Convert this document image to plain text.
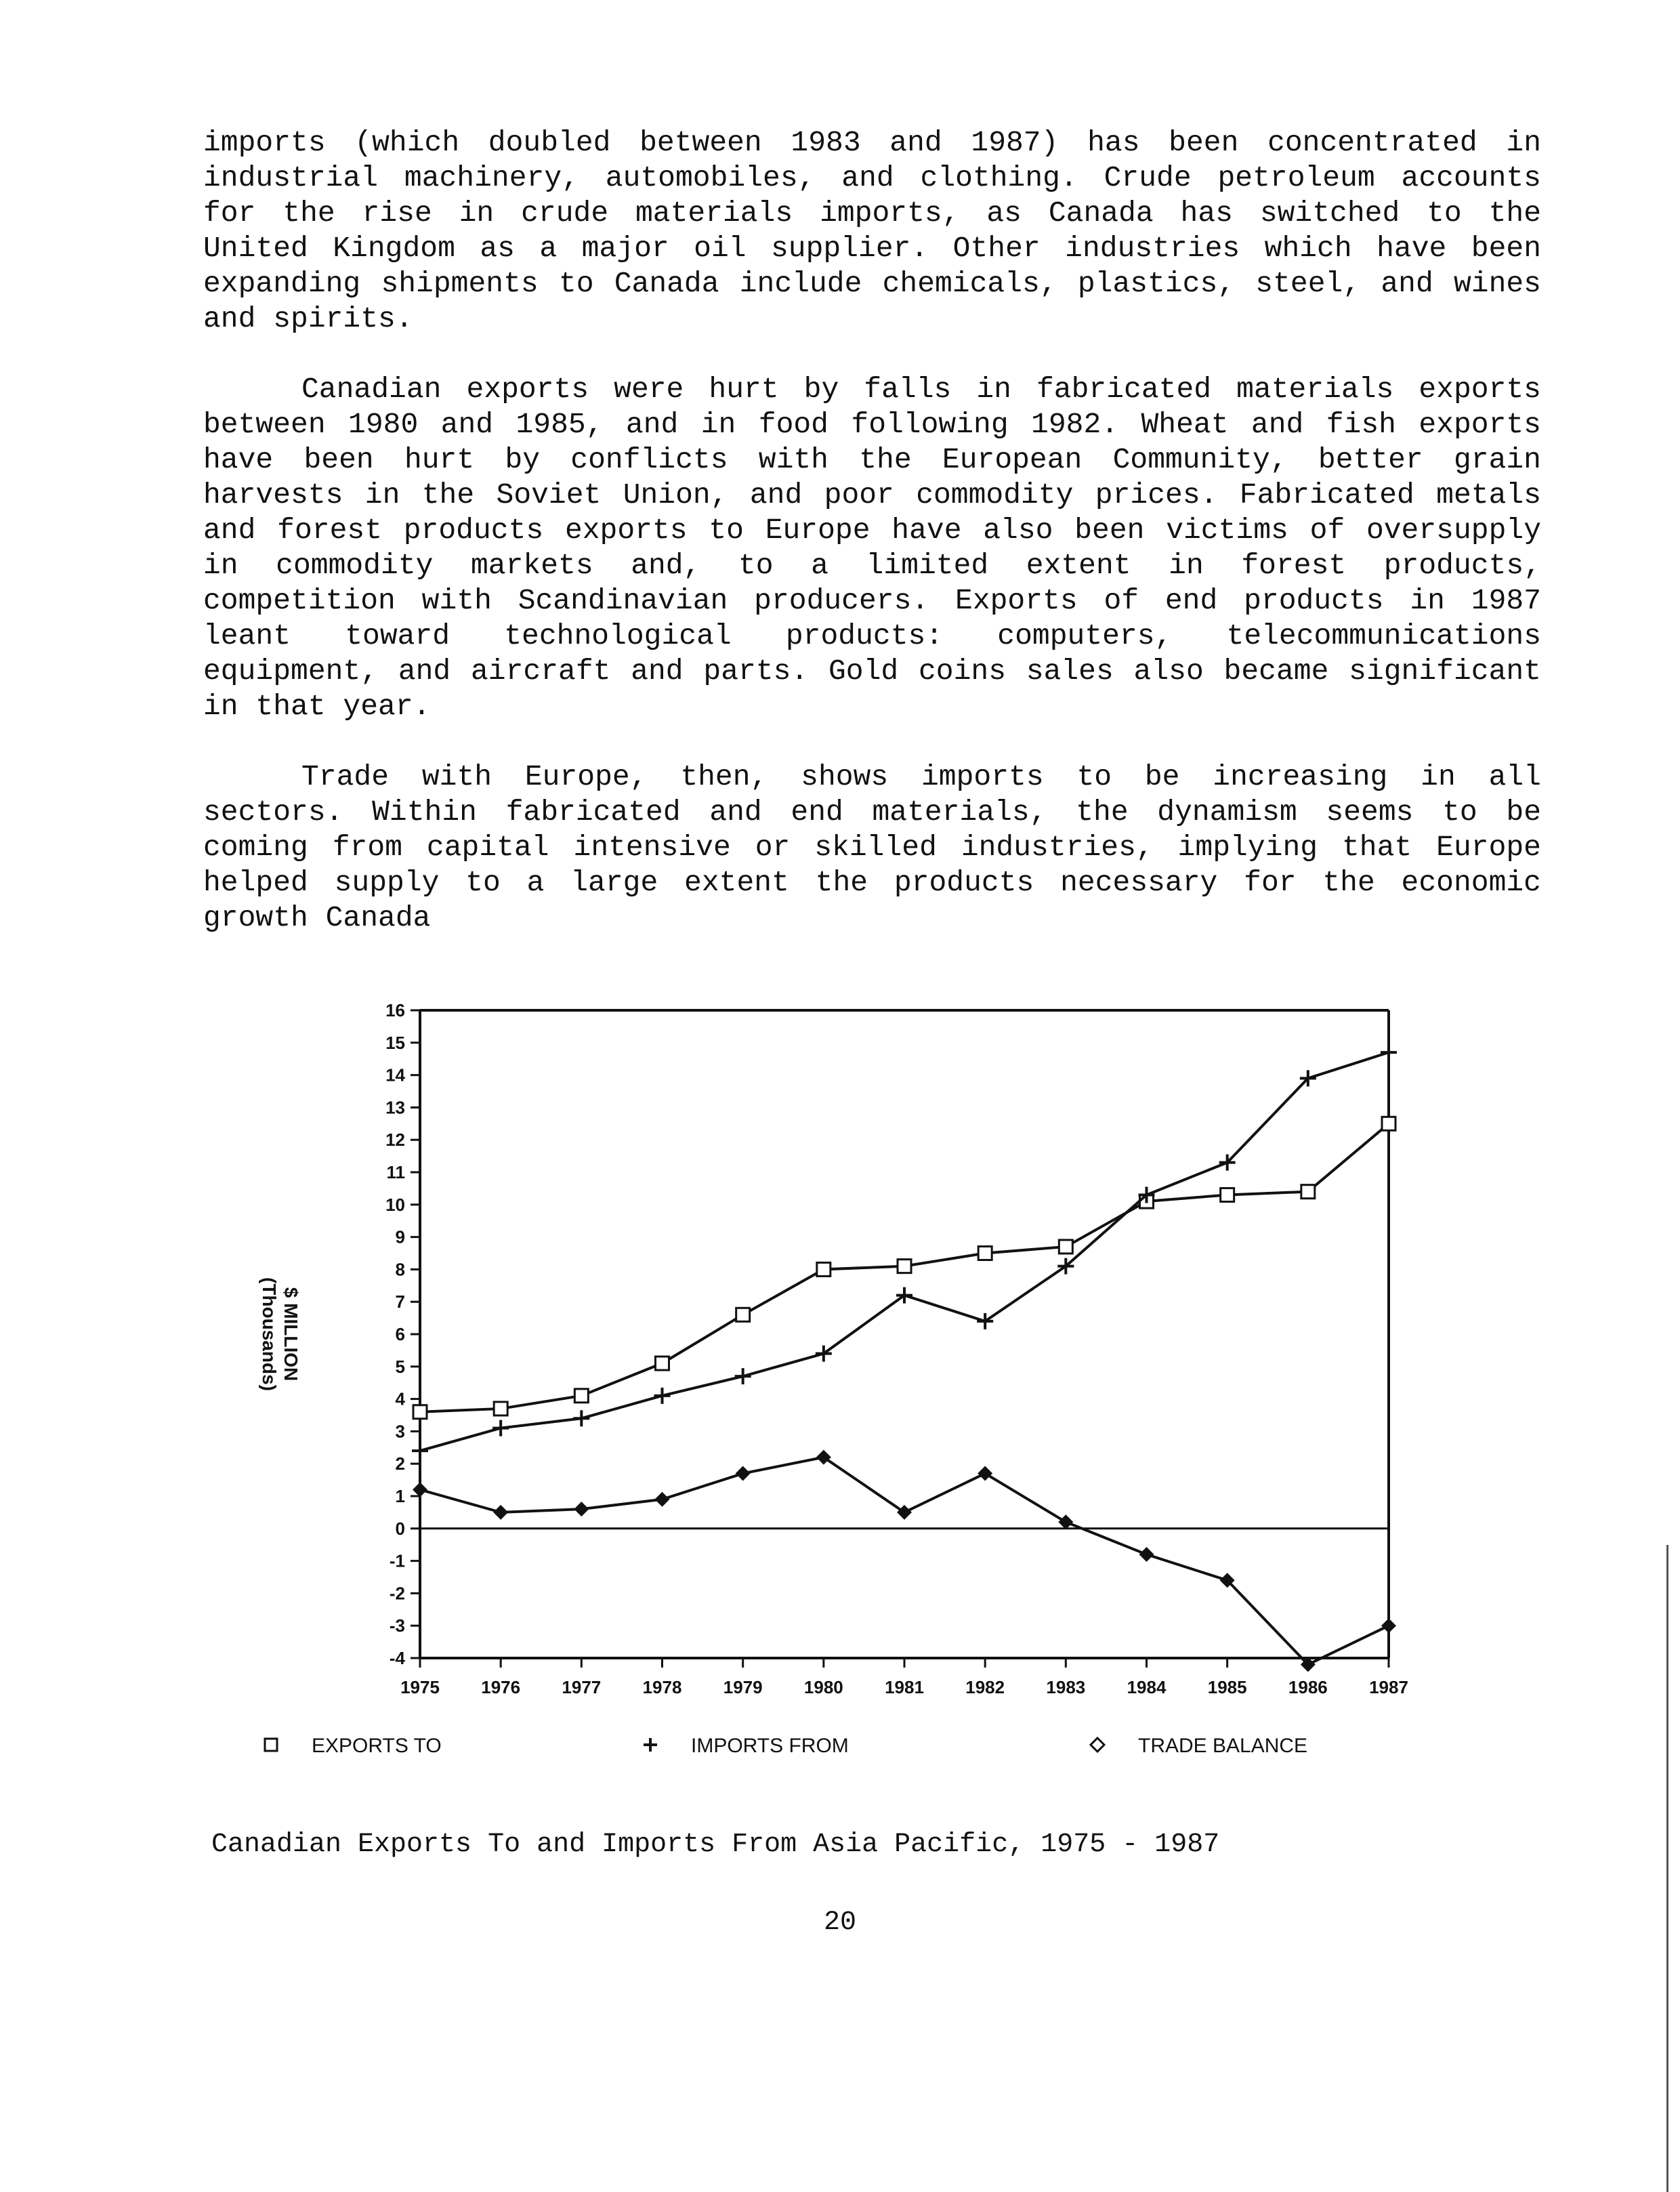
imports (which doubled between 1983 and 1987) has been concentrated in industrial machinery, automobiles, and clothing. Crude petroleum accounts for the rise in crude materials imports, as Canada has switched to the United Kingdom as a major oil supplier. Other industries which have been expanding shipments to Canada include chemicals, plastics, steel, and wines and spirits.

Canadian exports were hurt by falls in fabricated materials exports between 1980 and 1985, and in food following 1982. Wheat and fish exports have been hurt by conflicts with the European Community, better grain harvests in the Soviet Union, and poor commodity prices. Fabricated metals and forest products exports to Europe have also been victims of oversupply in commodity markets and, to a limited extent in forest products, competition with Scandinavian producers. Exports of end products in 1987 leant toward technological products: computers, telecommunications equipment, and aircraft and parts. Gold coins sales also became significant in that year.

Trade with Europe, then, shows imports to be increasing in all sectors. Within fabricated and end materials, the dynamism seems to be coming from capital intensive or skilled industries, implying that Europe helped supply to a large extent the products necessary for the economic growth Canada

16
15
14
13
12
11
10
9
8
7
6
5
4
3
2
1
0
-1
-2
-3
-4
1975 1976 1977 1978 1979 1980 1981 1982 1983 1984 1985 1986 1987
$ MILLION
(Thousands)
EXPORTS TO	IMPORTS FROM	TRADE BALANCE
Canadian Exports To and Imports From Asia Pacific, 1975 - 1987
20
